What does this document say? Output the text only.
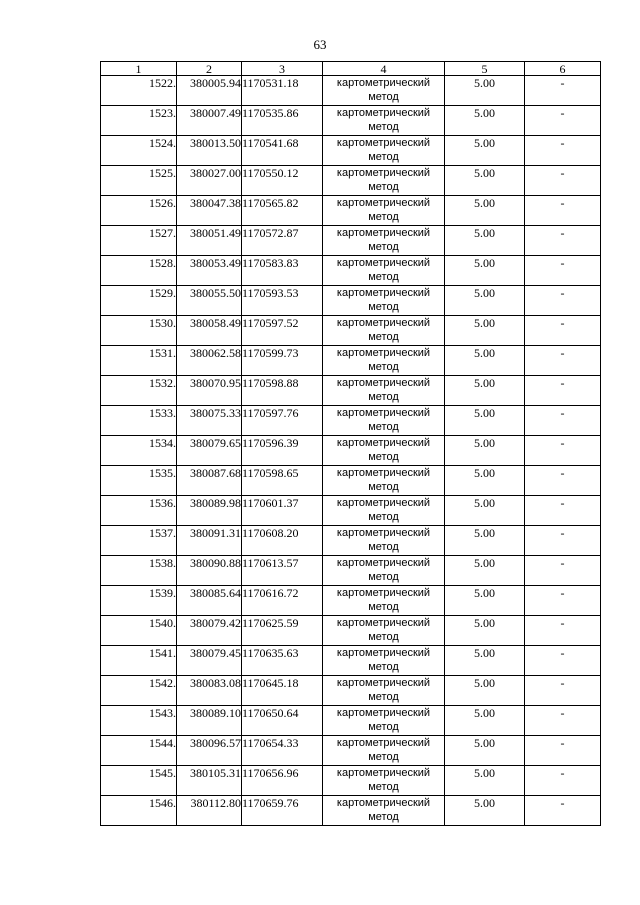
63
1	2	3	4	5	6
1522.	380005.94	1170531.18	картометрический метод	5.00	-
1523.	380007.49	1170535.86	картометрический метод	5.00	-
1524.	380013.50	1170541.68	картометрический метод	5.00	-
1525.	380027.00	1170550.12	картометрический метод	5.00	-
1526.	380047.38	1170565.82	картометрический метод	5.00	-
1527.	380051.49	1170572.87	картометрический метод	5.00	-
1528.	380053.49	1170583.83	картометрический метод	5.00	-
1529.	380055.50	1170593.53	картометрический метод	5.00	-
1530.	380058.49	1170597.52	картометрический метод	5.00	-
1531.	380062.58	1170599.73	картометрический метод	5.00	-
1532.	380070.95	1170598.88	картометрический метод	5.00	-
1533.	380075.33	1170597.76	картометрический метод	5.00	-
1534.	380079.65	1170596.39	картометрический метод	5.00	-
1535.	380087.68	1170598.65	картометрический метод	5.00	-
1536.	380089.98	1170601.37	картометрический метод	5.00	-
1537.	380091.31	1170608.20	картометрический метод	5.00	-
1538.	380090.88	1170613.57	картометрический метод	5.00	-
1539.	380085.64	1170616.72	картометрический метод	5.00	-
1540.	380079.42	1170625.59	картометрический метод	5.00	-
1541.	380079.45	1170635.63	картометрический метод	5.00	-
1542.	380083.08	1170645.18	картометрический метод	5.00	-
1543.	380089.10	1170650.64	картометрический метод	5.00	-
1544.	380096.57	1170654.33	картометрический метод	5.00	-
1545.	380105.31	1170656.96	картометрический метод	5.00	-
1546.	380112.80	1170659.76	картометрический метод	5.00	-
